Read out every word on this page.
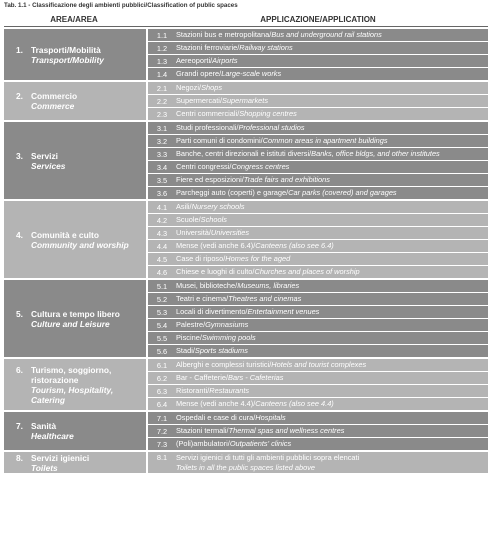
Tab. 1.1 - Classificazione degli ambienti pubblici/Classification of public spaces
AREA/AREA	APPLICAZIONE/APPLICATION
1. Trasporti/Mobilità
Transport/Mobility
1.1	Stazioni bus e metropolitana/Bus and underground rail stations
1.2	Stazioni ferroviarie/Railway stations
1.3	Aereoporti/Airports
1.4	Grandi opere/Large-scale works
2. Commercio
Commerce
2.1	Negozi/Shops
2.2	Supermercati/Supermarkets
2.3	Centri commerciali/Shopping centres
3. Servizi
Services
3.1	Studi professionali/Professional studios
3.2	Parti comuni di condomini/Common areas in apartment buildings
3.3	Banche, centri direzionali e istituti diversi/Banks, office bldgs, and other institutes
3.4	Centri congressi/Congress centres
3.5	Fiere ed esposizioni/Trade fairs and exhibitions
3.6	Parcheggi auto (coperti) e garage/Car parks (covered) and garages
4. Comunità e culto
Community and worship
4.1	Asili/Nursery schools
4.2	Scuole/Schools
4.3	Università/Universities
4.4	Mense (vedi anche 6.4)/Canteens (also see 6.4)
4.5	Case di riposo/Homes for the aged
4.6	Chiese e luoghi di culto/Churches and places of worship
5. Cultura e tempo libero
Culture and Leisure
5.1	Musei, biblioteche/Museums, libraries
5.2	Teatri e cinema/Theatres and cinemas
5.3	Locali di divertimento/Entertainment venues
5.4	Palestre/Gymnasiums
5.5	Piscine/Swimming pools
5.6	Stadi/Sports stadiums
6. Turismo, soggiorno, ristorazione
Tourism, Hospitality, Catering
6.1	Alberghi e complessi turistici/Hotels and tourist complexes
6.2	Bar - Caffeterie/Bars - Cafeterias
6.3	Ristoranti/Restaurants
6.4	Mense (vedi anche 4.4)/Canteens (also see 4.4)
7. Sanità
Healthcare
7.1	Ospedali e case di cura/Hospitals
7.2	Stazioni termali/Thermal spas and wellness centres
7.3	(Poli)ambulatori/Outpatients' clinics
8. Servizi igienici
Toilets
8.1	Servizi igienici di tutti gli ambienti pubblici sopra elencati
Toilets in all the public spaces listed above
